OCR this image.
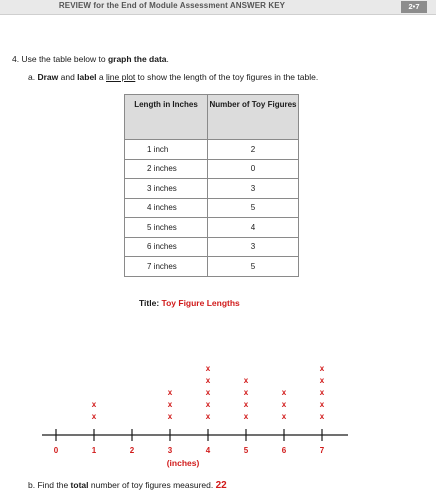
REVIEW for the End of Module Assessment ANSWER KEY	2•7
4. Use the table below to graph the data.
a. Draw and label a line plot to show the length of the toy figures in the table.
Length in Inches	Number of Toy Figures
1 inch	2
2 inches	0
3 inches	3
4 inches	5
5 inches	4
6 inches	3
7 inches	5
Title: Toy Figure Lengths
0	1	2	3	4	5	6	7
x
x
x
x
x
x
x
x
x
x
x
x
x
x
x
x
x
x
x
x
x
x
(inches)
b. Find the total number of toy figures measured. 22
